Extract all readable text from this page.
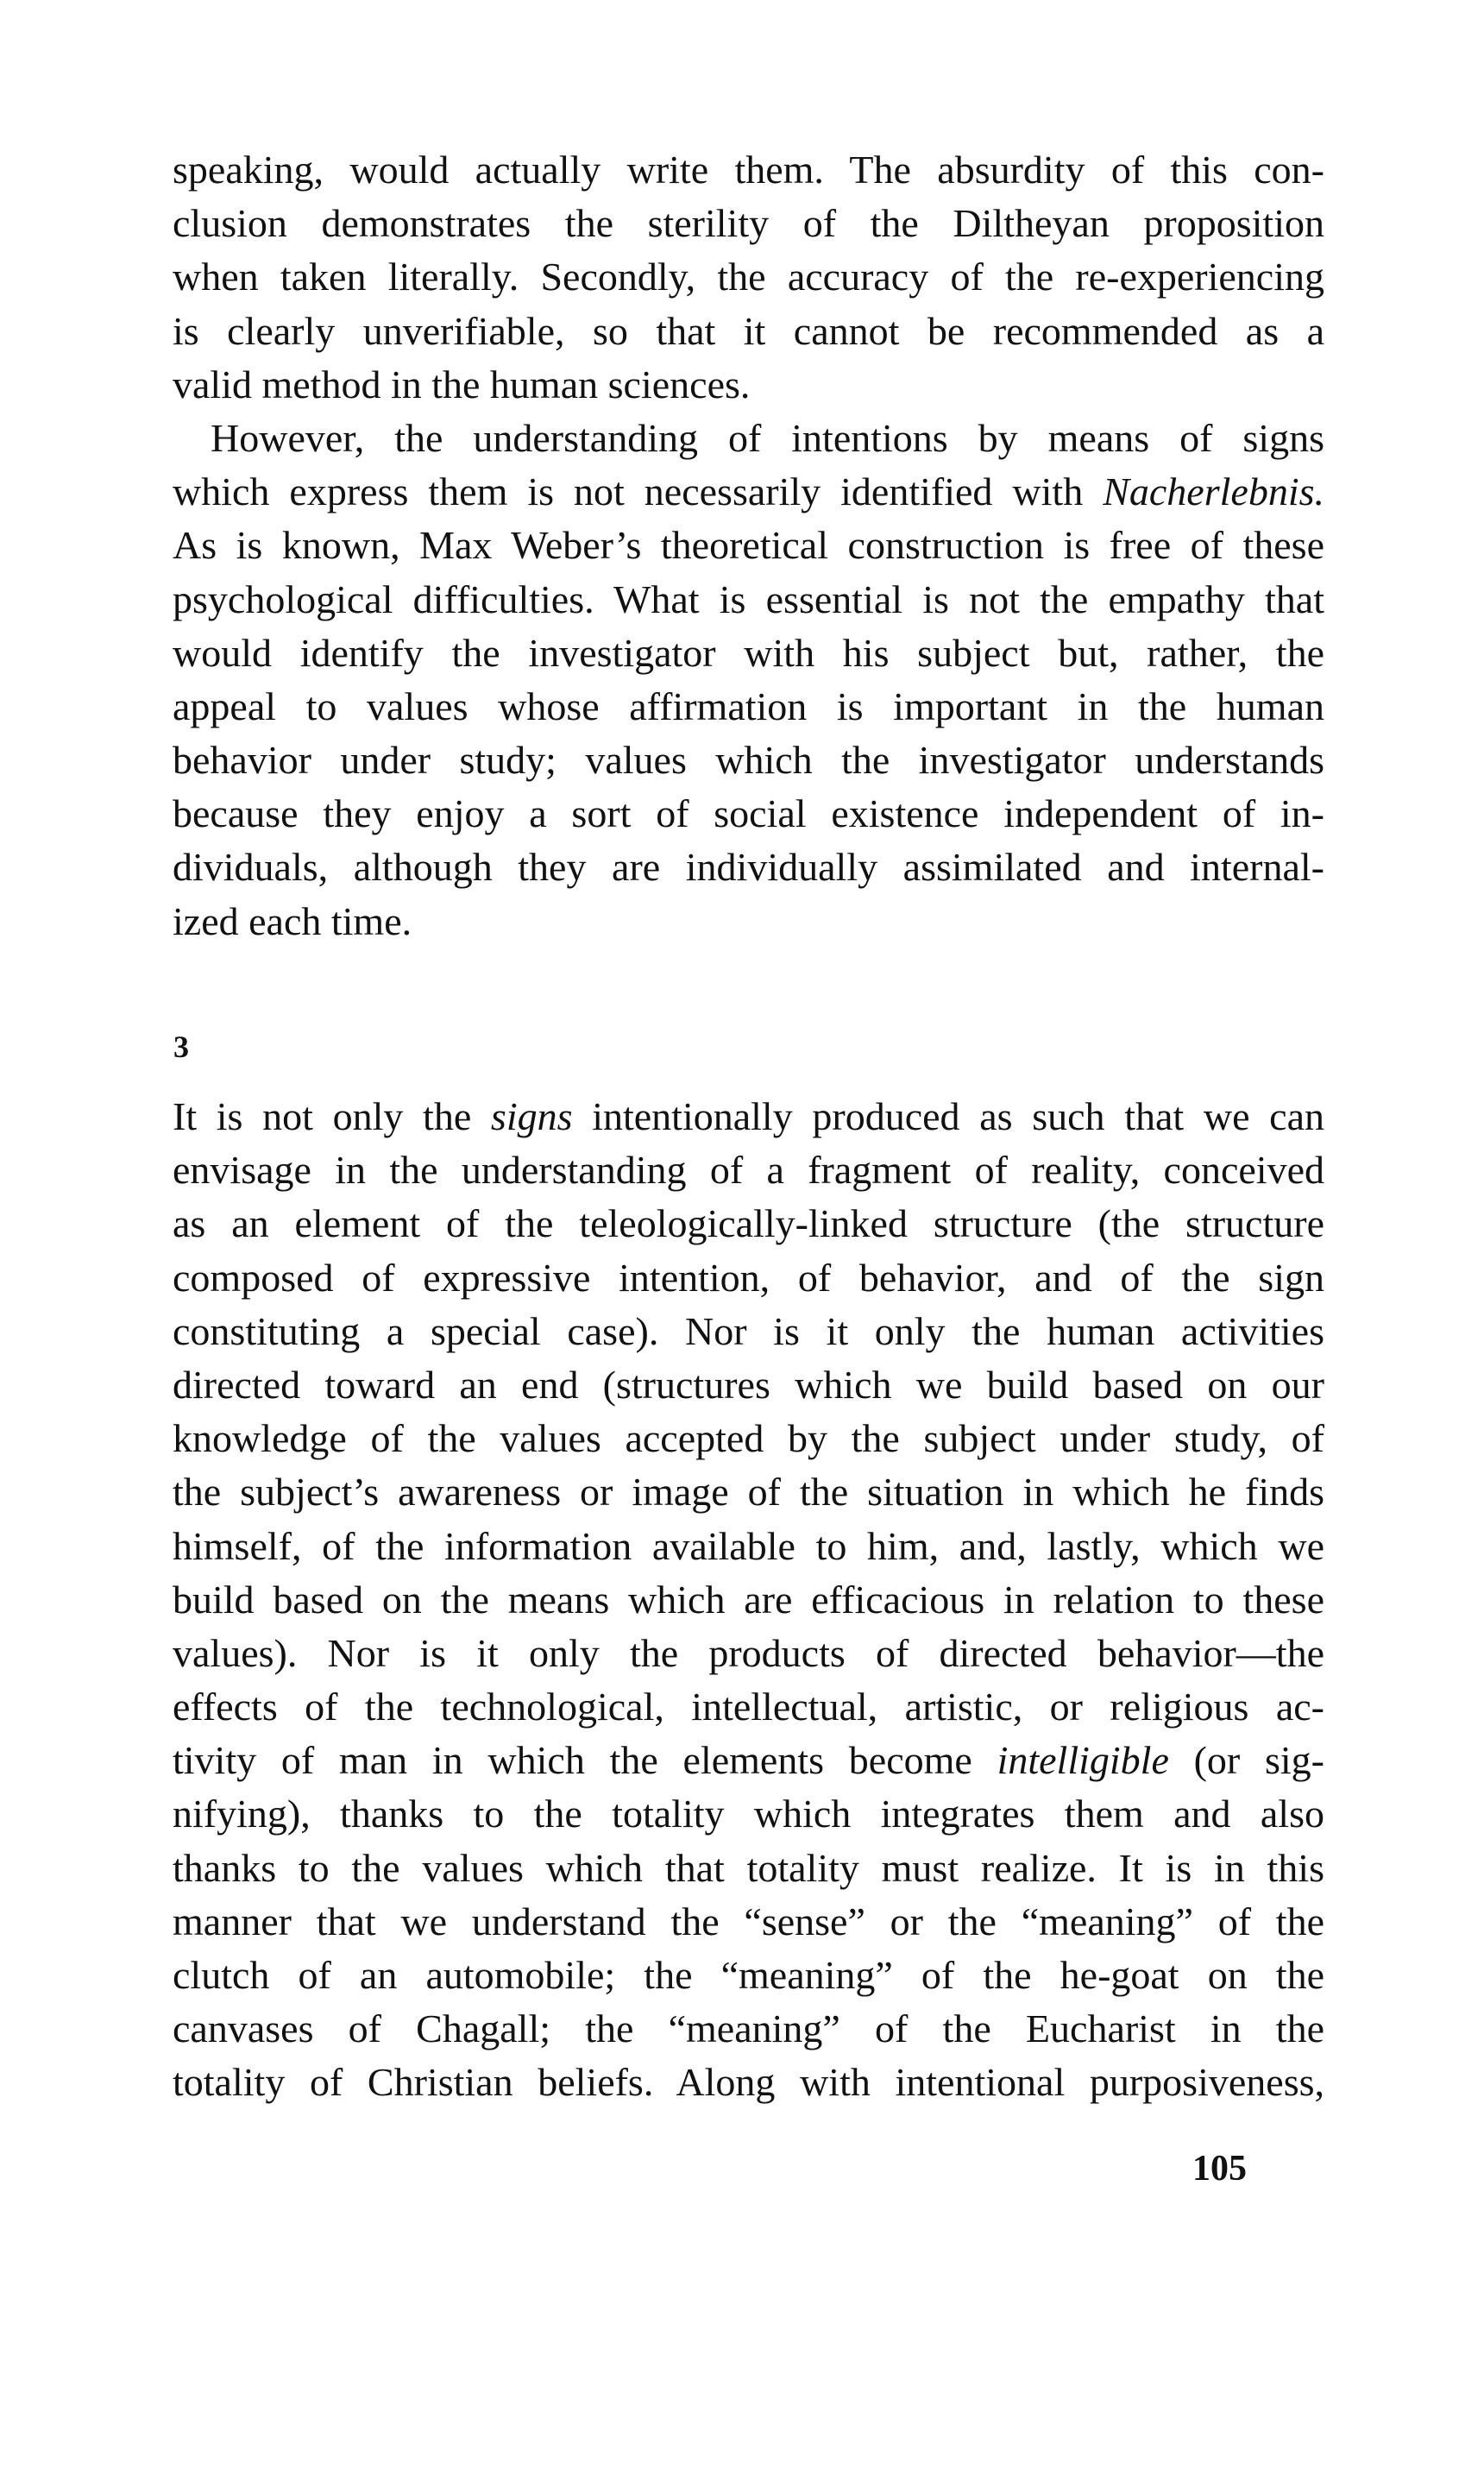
speaking, would actually write them. The absurdity of this con-
clusion demonstrates the sterility of the Diltheyan proposition
when taken literally. Secondly, the accuracy of the re-experiencing
is clearly unverifiable, so that it cannot be recommended as a
valid method in the human sciences.

However, the understanding of intentions by means of signs
which express them is not necessarily identified with Nacherlebnis.
As is known, Max Weber’s theoretical construction is free of these
psychological difficulties. What is essential is not the empathy that
would identify the investigator with his subject but, rather, the
appeal to values whose affirmation is important in the human
behavior under study; values which the investigator understands
because they enjoy a sort of social existence independent of in-
dividuals, although they are individually assimilated and internal-
ized each time.

3

It is not only the signs intentionally produced as such that we can
envisage in the understanding of a fragment of reality, conceived
as an element of the teleologically-linked structure (the structure
composed of expressive intention, of behavior, and of the sign
constituting a special case). Nor is it only the human activities
directed toward an end (structures which we build based on our
knowledge of the values accepted by the subject under study, of
the subject’s awareness or image of the situation in which he finds
himself, of the information available to him, and, lastly, which we
build based on the means which are efficacious in relation to these
values). Nor is it only the products of directed behavior—the
effects of the technological, intellectual, artistic, or religious ac-
tivity of man in which the elements become intelligible (or sig-
nifying), thanks to the totality which integrates them and also
thanks to the values which that totality must realize. It is in this
manner that we understand the “sense” or the “meaning” of the
clutch of an automobile; the “meaning” of the he-goat on the
canvases of Chagall; the “meaning” of the Eucharist in the
totality of Christian beliefs. Along with intentional purposiveness,

105
